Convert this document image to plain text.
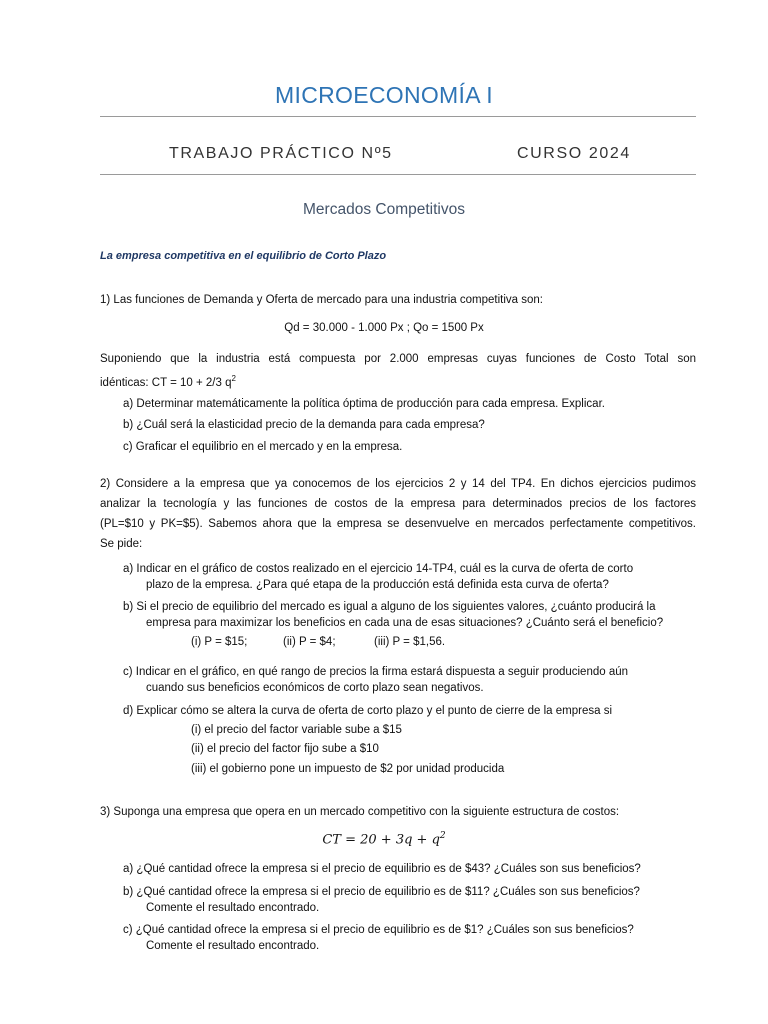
MICROECONOMÍA I
TRABAJO PRÁCTICO Nº5	CURSO 2024
Mercados Competitivos
La empresa competitiva en el equilibrio de Corto Plazo
1) Las funciones de Demanda y Oferta de mercado para una industria competitiva son:
Qd = 30.000 - 1.000 Px ; Qo = 1500 Px

Suponiendo que la industria está compuesta por 2.000 empresas cuyas funciones de Costo Total son

idénticas: CT = 10 + 2/3 $q^2$

a) Determinar matemáticamente la política óptima de producción para cada empresa. Explicar.
b) ¿Cuál será la elasticidad precio de la demanda para cada empresa?
c) Graficar el equilibrio en el mercado y en la empresa.

2) Considere a la empresa que ya conocemos de los ejercicios 2 y 14 del TP4. En dichos ejercicios pudimos

analizar la tecnología y las funciones de costos de la empresa para determinados precios de los factores

(PL=$10 y PK=$5). Sabemos ahora que la empresa se desenvuelve en mercados perfectamente competitivos.

Se pide:

a) Indicar en el gráfico de costos realizado en el ejercicio 14-TP4, cuál es la curva de oferta de corto
plazo de la empresa. ¿Para qué etapa de la producción está definida esta curva de oferta?
b) Si el precio de equilibrio del mercado es igual a alguno de los siguientes valores, ¿cuánto producirá la
empresa para maximizar los beneficios en cada una de esas situaciones? ¿Cuánto será el beneficio?
(i) P = $15;	(ii) P = $4;	(iii) P = $1,56.
c) Indicar en el gráfico, en qué rango de precios la firma estará dispuesta a seguir produciendo aún
cuando sus beneficios económicos de corto plazo sean negativos.
d) Explicar cómo se altera la curva de oferta de corto plazo y el punto de cierre de la empresa si
(i) el precio del factor variable sube a $15
(ii) el precio del factor fijo sube a $10
(iii) el gobierno pone un impuesto de $2 por unidad producida
3) Suponga una empresa que opera en un mercado competitivo con la siguiente estructura de costos:
CT = $20 + 3q + q^2$
a) ¿Qué cantidad ofrece la empresa si el precio de equilibrio es de $43? ¿Cuáles son sus beneficios?
b) ¿Qué cantidad ofrece la empresa si el precio de equilibrio es de $11? ¿Cuáles son sus beneficios?
Comente el resultado encontrado.
c) ¿Qué cantidad ofrece la empresa si el precio de equilibrio es de $1? ¿Cuáles son sus beneficios?
Comente el resultado encontrado.
